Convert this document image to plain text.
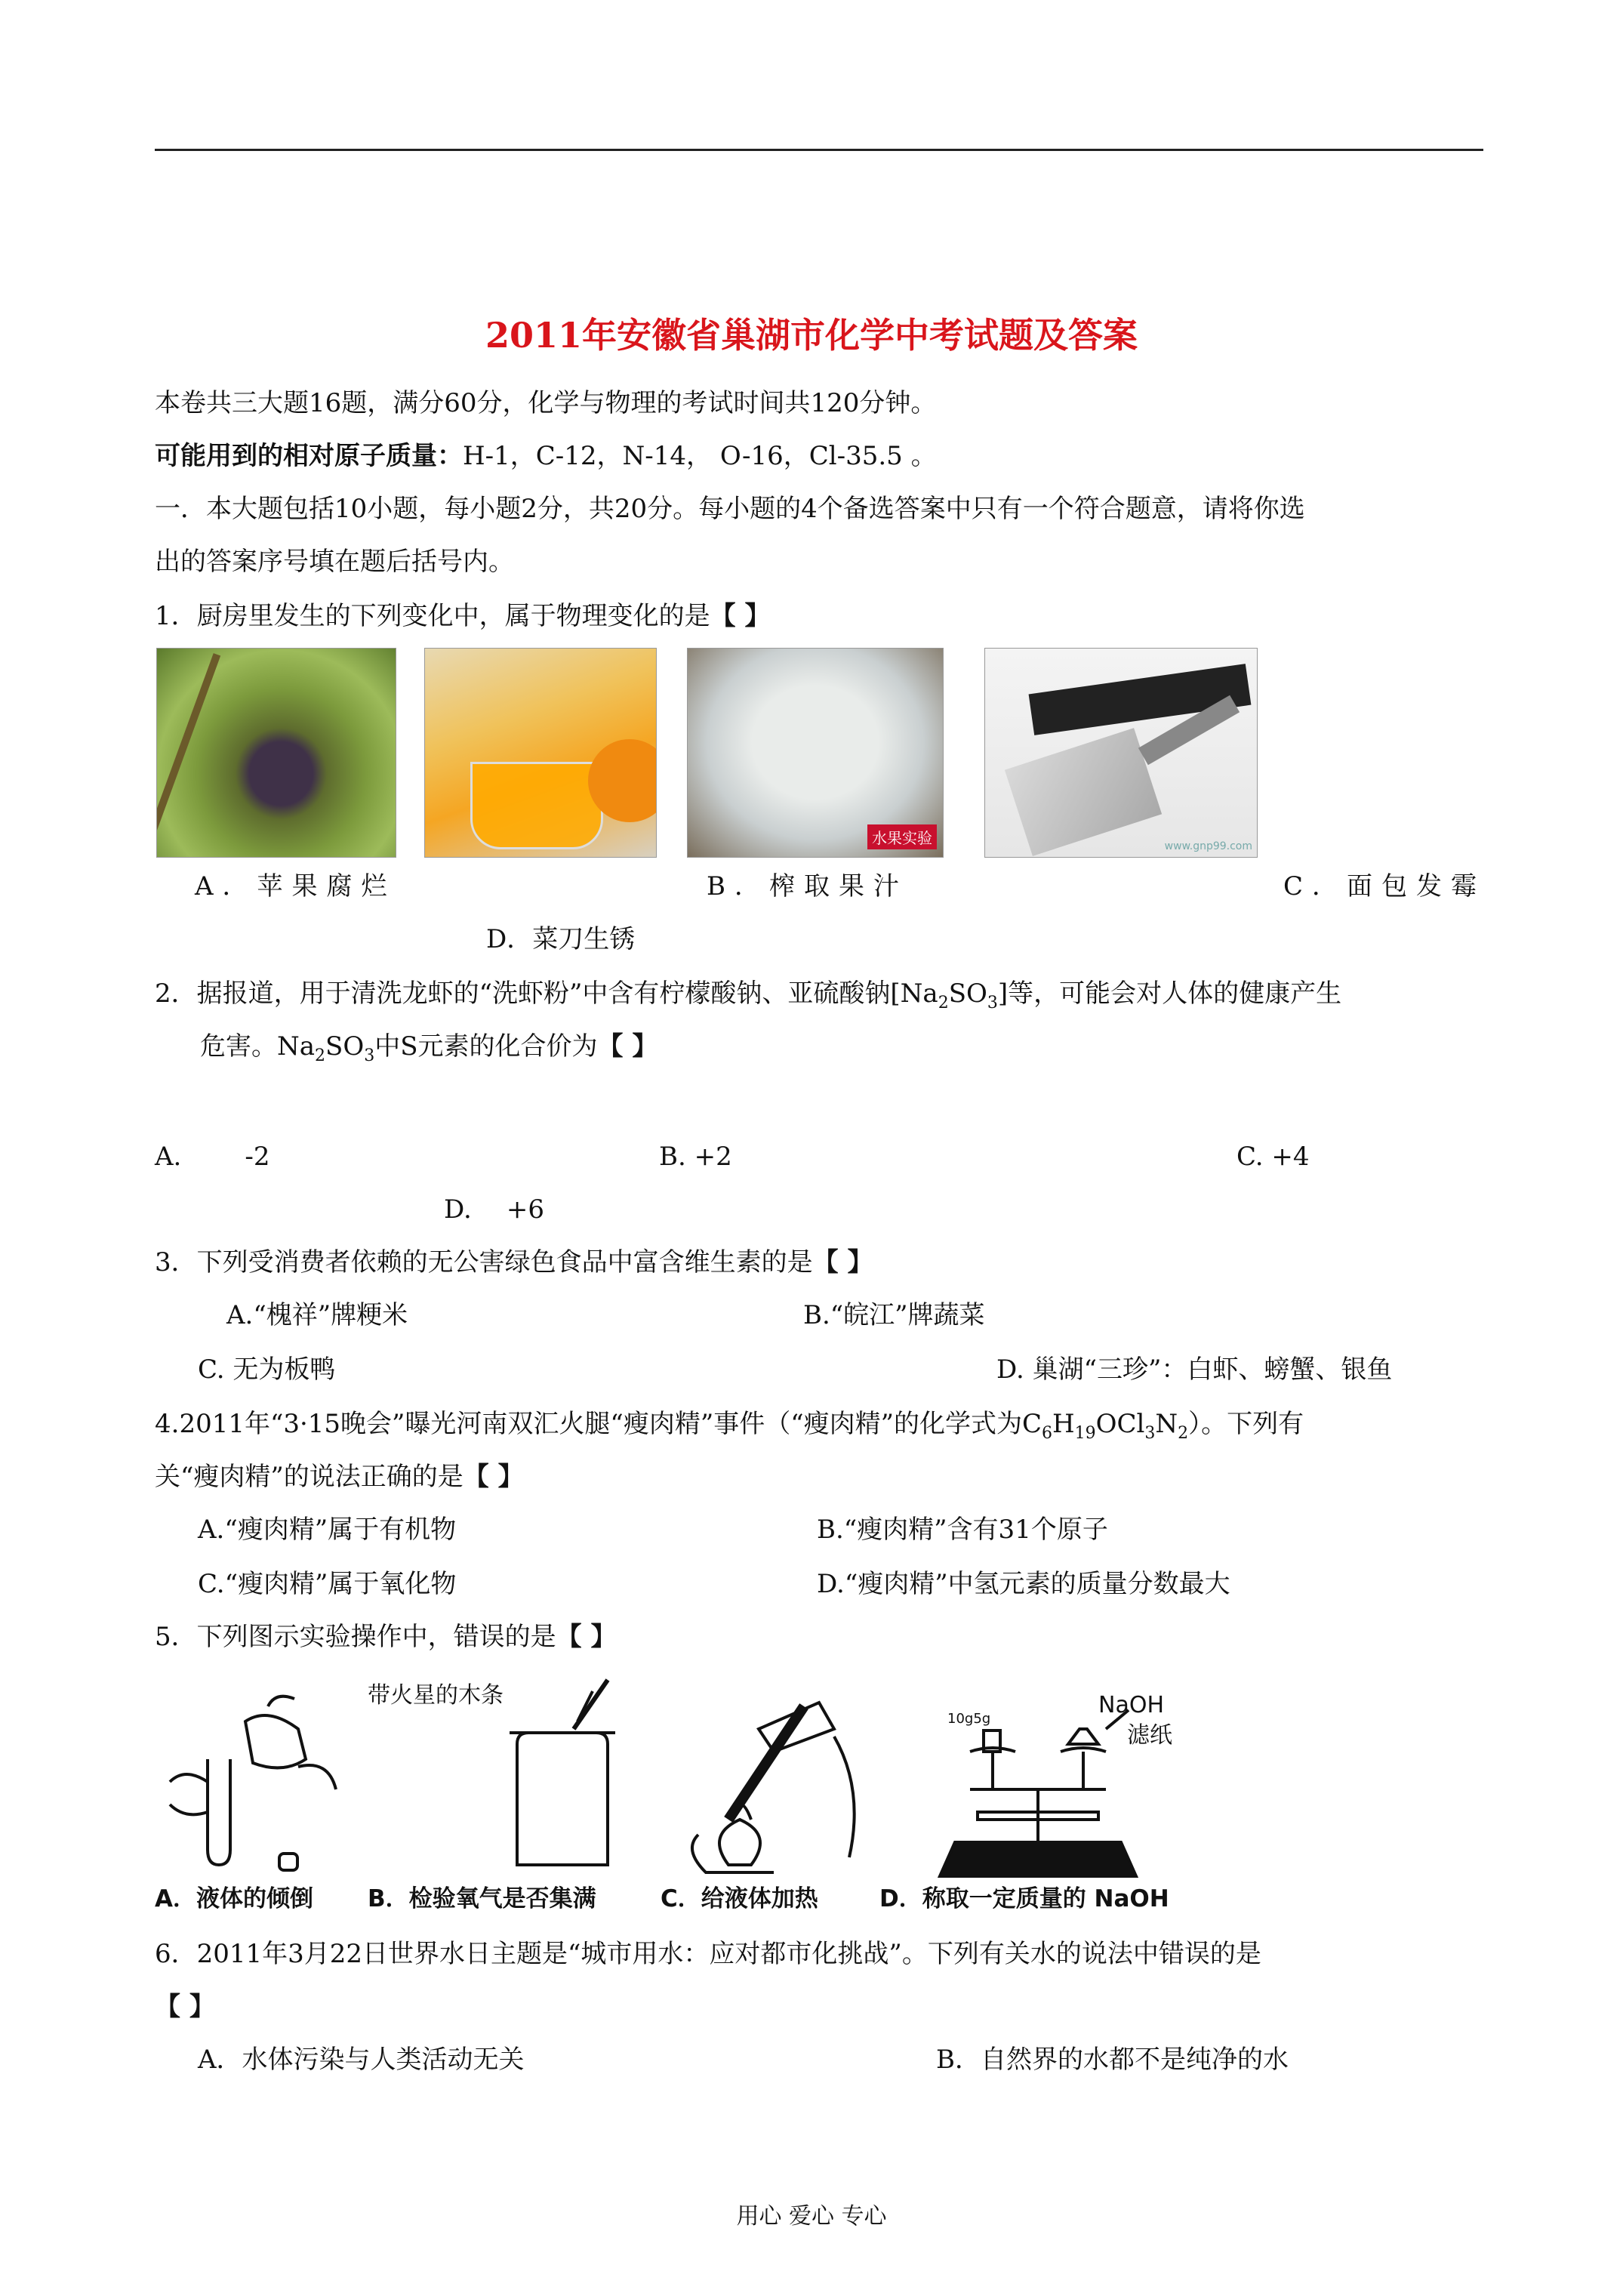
2011年安徽省巢湖市化学中考试题及答案
本卷共三大题16题，满分60分，化学与物理的考试时间共120分钟。
可能用到的相对原子质量：H-1，C-12，N-14， O-16，Cl-35.5 。
一．本大题包括10小题，每小题2分，共20分。每小题的4个备选答案中只有一个符合题意，请将你选
出的答案序号填在题后括号内。
1．厨房里发生的下列变化中，属于物理变化的是【 】
水果实验	www.gnp99.com
A．苹果腐烂	B．榨取果汁	C．面包发霉
D．菜刀生锈
2．据报道，用于清洗龙虾的“洗虾粉”中含有柠檬酸钠、亚硫酸钠$[Na_2SO_3]$等，可能会对人体的健康产生
危害。$Na_2SO_3$中S元素的化合价为【 】
A. -2	B. +2	C. +4
D. +6
3．下列受消费者依赖的无公害绿色食品中富含维生素的是【 】
A.“槐祥”牌粳米	B.“皖江”牌蔬菜
C. 无为板鸭	D. 巢湖“三珍”：白虾、螃蟹、银鱼
4.2011年“3·15晚会”曝光河南双汇火腿“瘦肉精”事件（“瘦肉精”的化学式为$C_6H_{19}OCl_3N_2$）。下列有
关“瘦肉精”的说法正确的是【 】
A.“瘦肉精”属于有机物	B.“瘦肉精”含有31个原子
C.“瘦肉精”属于氧化物	D.“瘦肉精”中氢元素的质量分数最大
5．下列图示实验操作中，错误的是【 】
带火星的木条	NaOH
滤纸
10g5g
A．液体的倾倒 B．检验氧气是否集满	C．给液体加热	D．称取一定质量的 NaOH
6．2011年3月22日世界水日主题是“城市用水：应对都市化挑战”。下列有关水的说法中错误的是
【 】
A．水体污染与人类活动无关	B．自然界的水都不是纯净的水
用心 爱心 专心
